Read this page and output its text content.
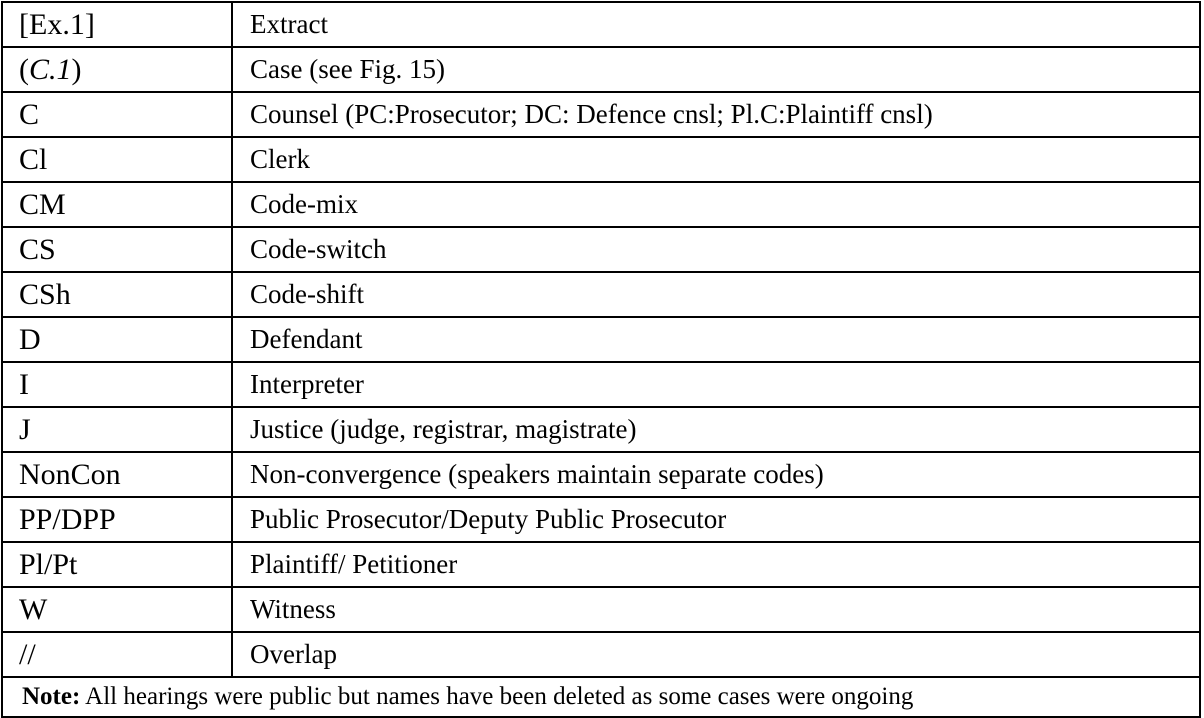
[Ex.1]	Extract
(C.1)	Case (see Fig. 15)
C	Counsel (PC:Prosecutor; DC: Defence cnsl; Pl.C:Plaintiff cnsl)
Cl	Clerk
CM	Code-mix
CS	Code-switch
CSh	Code-shift
D	Defendant
I	Interpreter
J	Justice (judge, registrar, magistrate)
NonCon	Non-convergence (speakers maintain separate codes)
PP/DPP	Public Prosecutor/Deputy Public Prosecutor
Pl/Pt	Plaintiff/ Petitioner
W	Witness
//	Overlap
Note: All hearings were public but names have been deleted as some cases were ongoing	
